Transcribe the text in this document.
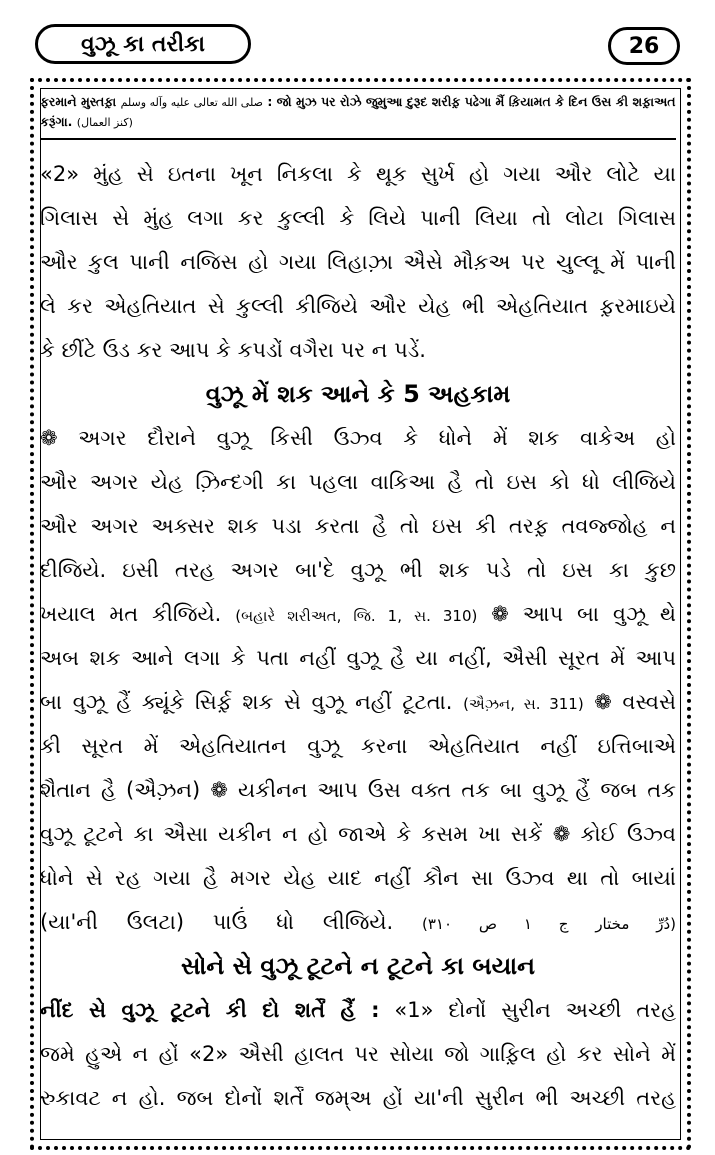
વુઝૂ કા તરીકા	26
ફરમાને મુસ્તફ઼ા صلى الله تعالى عليه وآله وسلم : જો મુઝ પર રોઝે જુમુઆ દુરૂદ શરીફ઼ પઢેગા મૈં ક઼િયામત કે દિન ઉસ કી શફ઼ાઅત કરૂંગા. (کنز العمال)
«2» મુંહ સે ઇતના ખૂન નિકલા કે થૂક સુર્ખ હો ગયા ઔર લોટે યા
ગિલાસ સે મુંહ લગા કર કુલ્લી કે લિયે પાની લિયા તો લોટા ગિલાસ
ઔર કુલ પાની નજિસ હો ગયા લિહાઝ઼ા ઐસે મૌક઼અ પર ચુલ્લૂ મેં પાની
લે કર એહતિયાત સે કુલ્લી કીજિયે ઔર યેહ ભી એહતિયાત ફ઼રમાઇયે
કે છીંટે ઉડ કર આપ કે કપડોં વગૈરા પર ન પડેં.
વુઝૂ મેં શક આને કે 5 અહકામ
❁ અગર દૌરાને વુઝૂ કિસી ઉઝ્વ કે ધોને મેં શક વાકેઅ હો
ઔર અગર યેહ ઝ઼િન્દગી કા પહલા વાકિઆ હૈ તો ઇસ કો ધો લીજિયે
ઔર અગર અક્સર શક પડા કરતા હૈ તો ઇસ કી તરફ઼ તવજ્જોહ ન
દીજિયે. ઇસી તરહ અગર બા'દે વુઝૂ ભી શક પડે તો ઇસ કા કુછ
ખયાલ મત કીજિયે. (બહારે શરીઅત, જિ. 1, સ. 310) ❁ આપ બા વુઝૂ થે
અબ શક આને લગા કે પતા નહીં વુઝૂ હૈ યા નહીં, ઐસી સૂરત મેં આપ
બા વુઝૂ હૈં ક્યૂંકે સિર્ફ઼ શક સે વુઝૂ નહીં ટૂટતા. (ઐઝ઼ન, સ. 311) ❁ વસ્વસે
કી સૂરત મેં એહતિયાતન વુઝૂ કરના એહતિયાત નહીં ઇત્તિબાએ
શૈતાન હૈ (ઐઝ઼ન) ❁ યકીનન આપ ઉસ વક્ત તક બા વુઝૂ હૈં જબ તક
વુઝૂ ટૂટને કા ઐસા યકીન ન હો જાએ કે કસમ ખા સકેં ❁ કોઈ ઉઝ્વ
ધોને સે રહ ગયા હૈ મગર યેહ યાદ નહીં કૌન સા ઉઝ્વ થા તો બાયાં
(યા'ની ઉલટા) પાઉં ધો લીજિયે. (دُرِّ مختار ج ۱ ص ۳۱۰)
સોને સે વુઝૂ ટૂટને ન ટૂટને કા બયાન
નીંદ સે વુઝૂ ટૂટને કી દો શર્તેં હૈં : «1» દોનોં સુરીન અચ્છી તરહ
જમે હુએ ન હોં «2» ઐસી હાલત પર સોયા જો ગાફ઼િલ હો કર સોને મેં
રુકાવટ ન હો. જબ દોનોં શર્તેં જમ્અ હોં યા'ની સુરીન ભી અચ્છી તરહ
